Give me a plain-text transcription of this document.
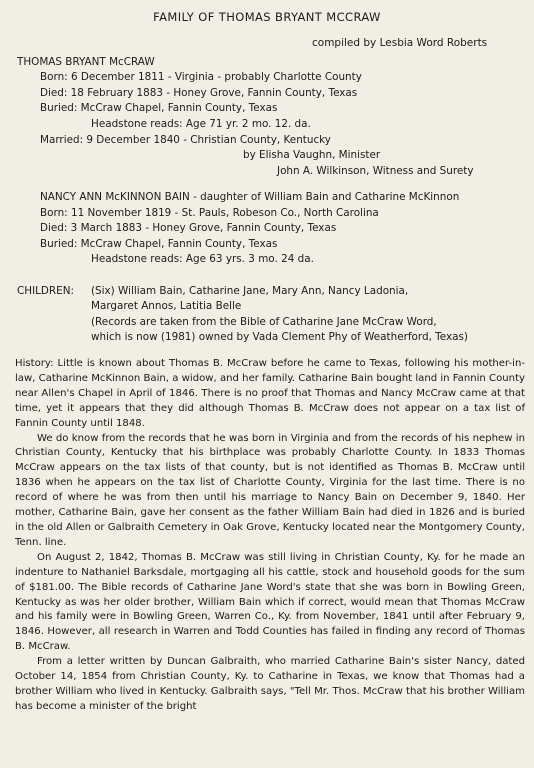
FAMILY OF THOMAS BRYANT MCCRAW
compiled by Lesbia Word Roberts
THOMAS BRYANT McCRAW
Born: 6 December 1811 - Virginia - probably Charlotte County
Died: 18 February 1883 - Honey Grove, Fannin County, Texas
Buried: McCraw Chapel, Fannin County, Texas
Headstone reads: Age 71 yr. 2 mo. 12. da.
Married: 9 December 1840 - Christian County, Kentucky
by Elisha Vaughn, Minister
John A. Wilkinson, Witness and Surety
NANCY ANN McKINNON BAIN - daughter of William Bain and Catharine McKinnon
Born: 11 November 1819 - St. Pauls, Robeson Co., North Carolina
Died: 3 March 1883 - Honey Grove, Fannin County, Texas
Buried: McCraw Chapel, Fannin County, Texas
Headstone reads: Age 63 yrs. 3 mo. 24 da.
CHILDREN: (Six) William Bain, Catharine Jane, Mary Ann, Nancy Ladonia,
Margaret Annos, Latitia Belle
(Records are taken from the Bible of Catharine Jane McCraw Word,
which is now (1981) owned by Vada Clement Phy of Weatherford, Texas)

History: Little is known about Thomas B. McCraw before he came to Texas, following his mother-in-law, Catharine McKinnon Bain, a widow, and her family. Catharine Bain bought land in Fannin County near Allen's Chapel in April of 1846. There is no proof that Thomas and Nancy McCraw came at that time, yet it appears that they did although Thomas B. McCraw does not appear on a tax list of Fannin County until 1848.

We do know from the records that he was born in Virginia and from the records of his nephew in Christian County, Kentucky that his birthplace was probably Charlotte County. In 1833 Thomas McCraw appears on the tax lists of that county, but is not identified as Thomas B. McCraw until 1836 when he appears on the tax list of Charlotte County, Virginia for the last time. There is no record of where he was from then until his marriage to Nancy Bain on December 9, 1840. Her mother, Catharine Bain, gave her consent as the father William Bain had died in 1826 and is buried in the old Allen or Galbraith Cemetery in Oak Grove, Kentucky located near the Montgomery County, Tenn. line.

On August 2, 1842, Thomas B. McCraw was still living in Christian County, Ky. for he made an indenture to Nathaniel Barksdale, mortgaging all his cattle, stock and household goods for the sum of $181.00. The Bible records of Catharine Jane Word's state that she was born in Bowling Green, Kentucky as was her older brother, William Bain which if correct, would mean that Thomas McCraw and his family were in Bowling Green, Warren Co., Ky. from November, 1841 until after February 9, 1846. However, all research in Warren and Todd Counties has failed in finding any record of Thomas B. McCraw.

From a letter written by Duncan Galbraith, who married Catharine Bain's sister Nancy, dated October 14, 1854 from Christian County, Ky. to Catharine in Texas, we know that Thomas had a brother William who lived in Kentucky. Galbraith says, "Tell Mr. Thos. McCraw that his brother William has become a minister of the bright
